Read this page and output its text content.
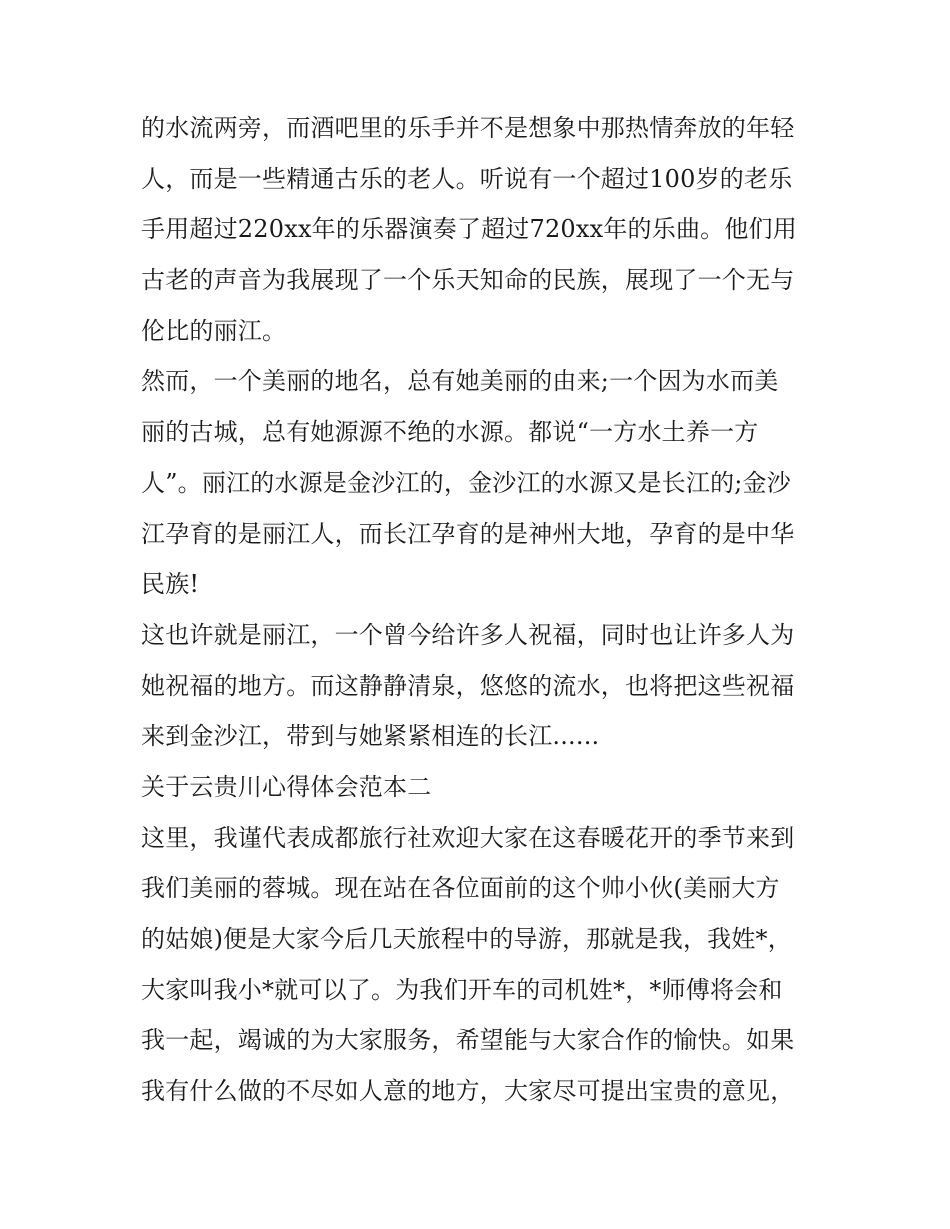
的水流两旁，而酒吧里的乐手并不是想象中那热情奔放的年轻
人，而是一些精通古乐的老人。听说有一个超过100岁的老乐
手用超过220xx年的乐器演奏了超过720xx年的乐曲。他们用
古老的声音为我展现了一个乐天知命的民族，展现了一个无与
伦比的丽江。
然而，一个美丽的地名，总有她美丽的由来;一个因为水而美
丽的古城，总有她源源不绝的水源。都说“一方水土养一方
人”。丽江的水源是金沙江的，金沙江的水源又是长江的;金沙
江孕育的是丽江人，而长江孕育的是神州大地，孕育的是中华
民族!
这也许就是丽江，一个曾今给许多人祝福，同时也让许多人为
她祝福的地方。而这静静清泉，悠悠的流水，也将把这些祝福
来到金沙江，带到与她紧紧相连的长江......
关于云贵川心得体会范本二
这里，我谨代表成都旅行社欢迎大家在这春暖花开的季节来到
我们美丽的蓉城。现在站在各位面前的这个帅小伙(美丽大方
的姑娘)便是大家今后几天旅程中的导游，那就是我，我姓*，
大家叫我小*就可以了。为我们开车的司机姓*，*师傅将会和
我一起，竭诚的为大家服务，希望能与大家合作的愉快。如果
我有什么做的不尽如人意的地方，大家尽可提出宝贵的意见，
